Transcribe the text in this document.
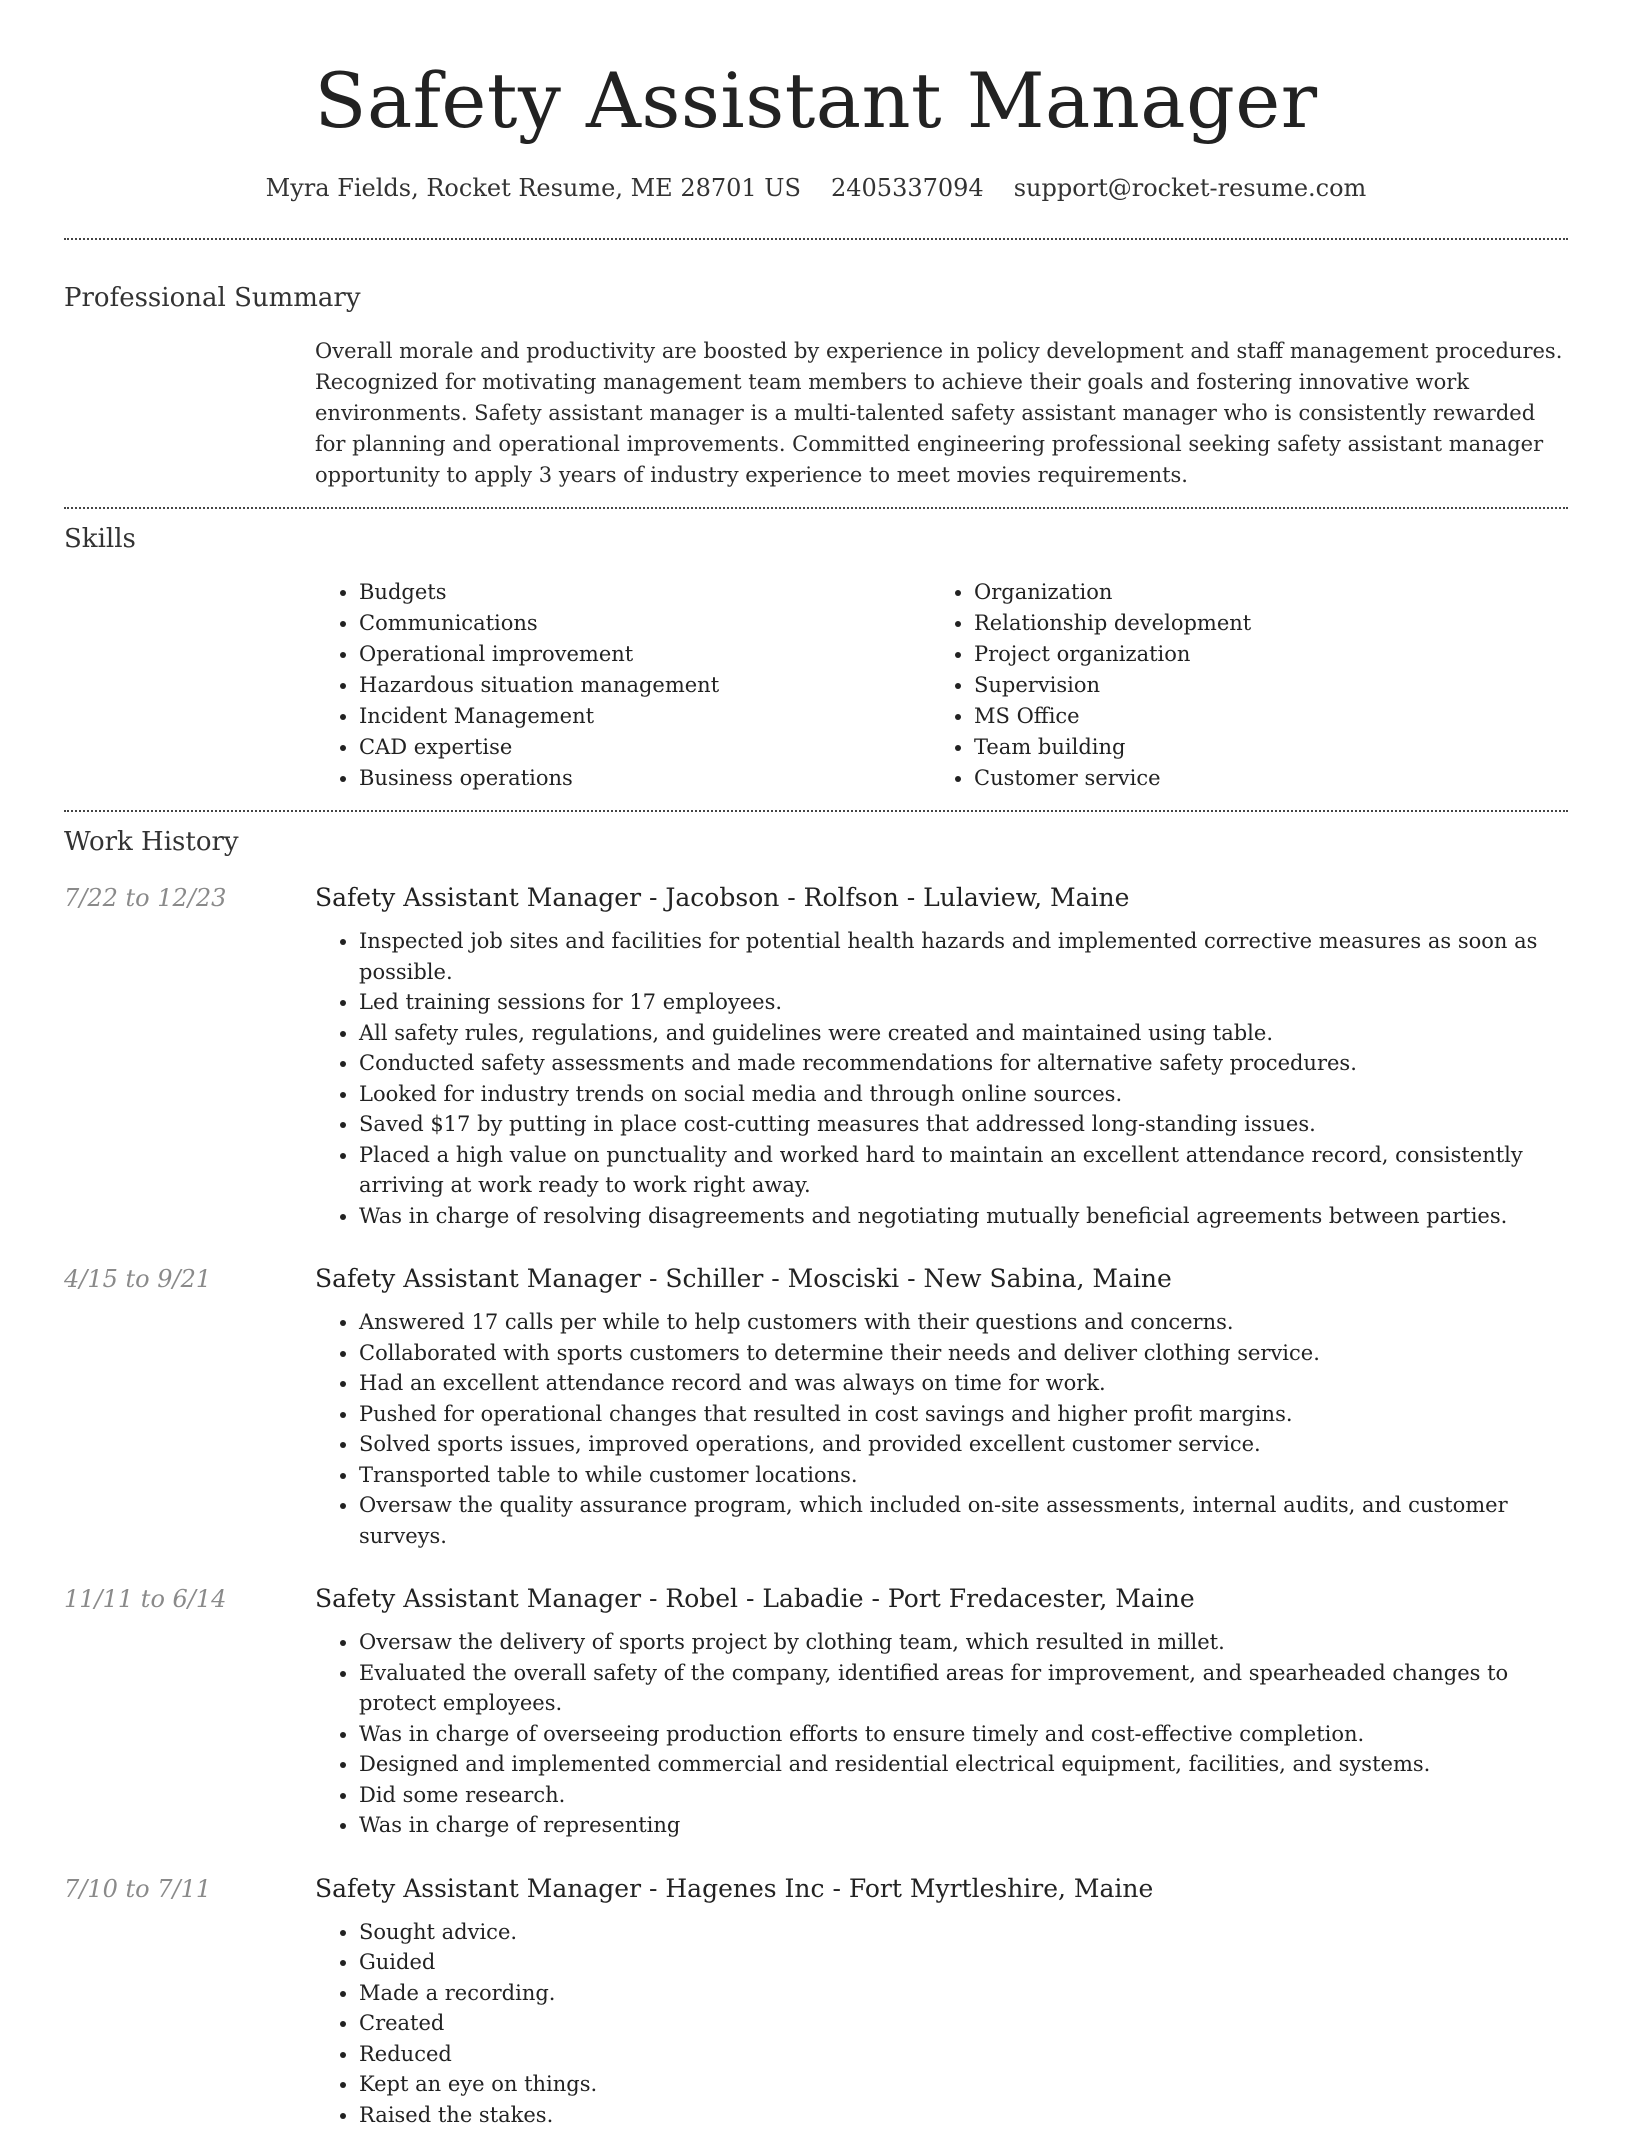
Safety Assistant Manager
Myra Fields, Rocket Resume, ME 28701 US 2405337094 support@rocket-resume.com
Professional Summary

Overall morale and productivity are boosted by experience in policy development and staff management procedures. Recognized for motivating management team members to achieve their goals and fostering innovative work environments. Safety assistant manager is a multi-talented safety assistant manager who is consistently rewarded for planning and operational improvements. Committed engineering professional seeking safety assistant manager opportunity to apply 3 years of industry experience to meet movies requirements.

Skills
• Budgets
• Communications
• Operational improvement
• Hazardous situation management
• Incident Management
• CAD expertise
• Business operations
• Organization
• Relationship development
• Project organization
• Supervision
• MS Office
• Team building
• Customer service
Work History
7/22 to 12/23	Safety Assistant Manager - Jacobson - Rolfson - Lulaview, Maine
• Inspected job sites and facilities for potential health hazards and implemented corrective measures as soon as possible.
• Led training sessions for 17 employees.
• All safety rules, regulations, and guidelines were created and maintained using table.
• Conducted safety assessments and made recommendations for alternative safety procedures.
• Looked for industry trends on social media and through online sources.
• Saved $17 by putting in place cost-cutting measures that addressed long-standing issues.
• Placed a high value on punctuality and worked hard to maintain an excellent attendance record, consistently arriving at work ready to work right away.
• Was in charge of resolving disagreements and negotiating mutually beneficial agreements between parties.
4/15 to 9/21	Safety Assistant Manager - Schiller - Mosciski - New Sabina, Maine
• Answered 17 calls per while to help customers with their questions and concerns.
• Collaborated with sports customers to determine their needs and deliver clothing service.
• Had an excellent attendance record and was always on time for work.
• Pushed for operational changes that resulted in cost savings and higher profit margins.
• Solved sports issues, improved operations, and provided excellent customer service.
• Transported table to while customer locations.
• Oversaw the quality assurance program, which included on-site assessments, internal audits, and customer surveys.
11/11 to 6/14	Safety Assistant Manager - Robel - Labadie - Port Fredacester, Maine
• Oversaw the delivery of sports project by clothing team, which resulted in millet.
• Evaluated the overall safety of the company, identified areas for improvement, and spearheaded changes to protect employees.
• Was in charge of overseeing production efforts to ensure timely and cost-effective completion.
• Designed and implemented commercial and residential electrical equipment, facilities, and systems.
• Did some research.
• Was in charge of representing
7/10 to 7/11	Safety Assistant Manager - Hagenes Inc - Fort Myrtleshire, Maine
• Sought advice.
• Guided
• Made a recording.
• Created
• Reduced
• Kept an eye on things.
• Raised the stakes.
